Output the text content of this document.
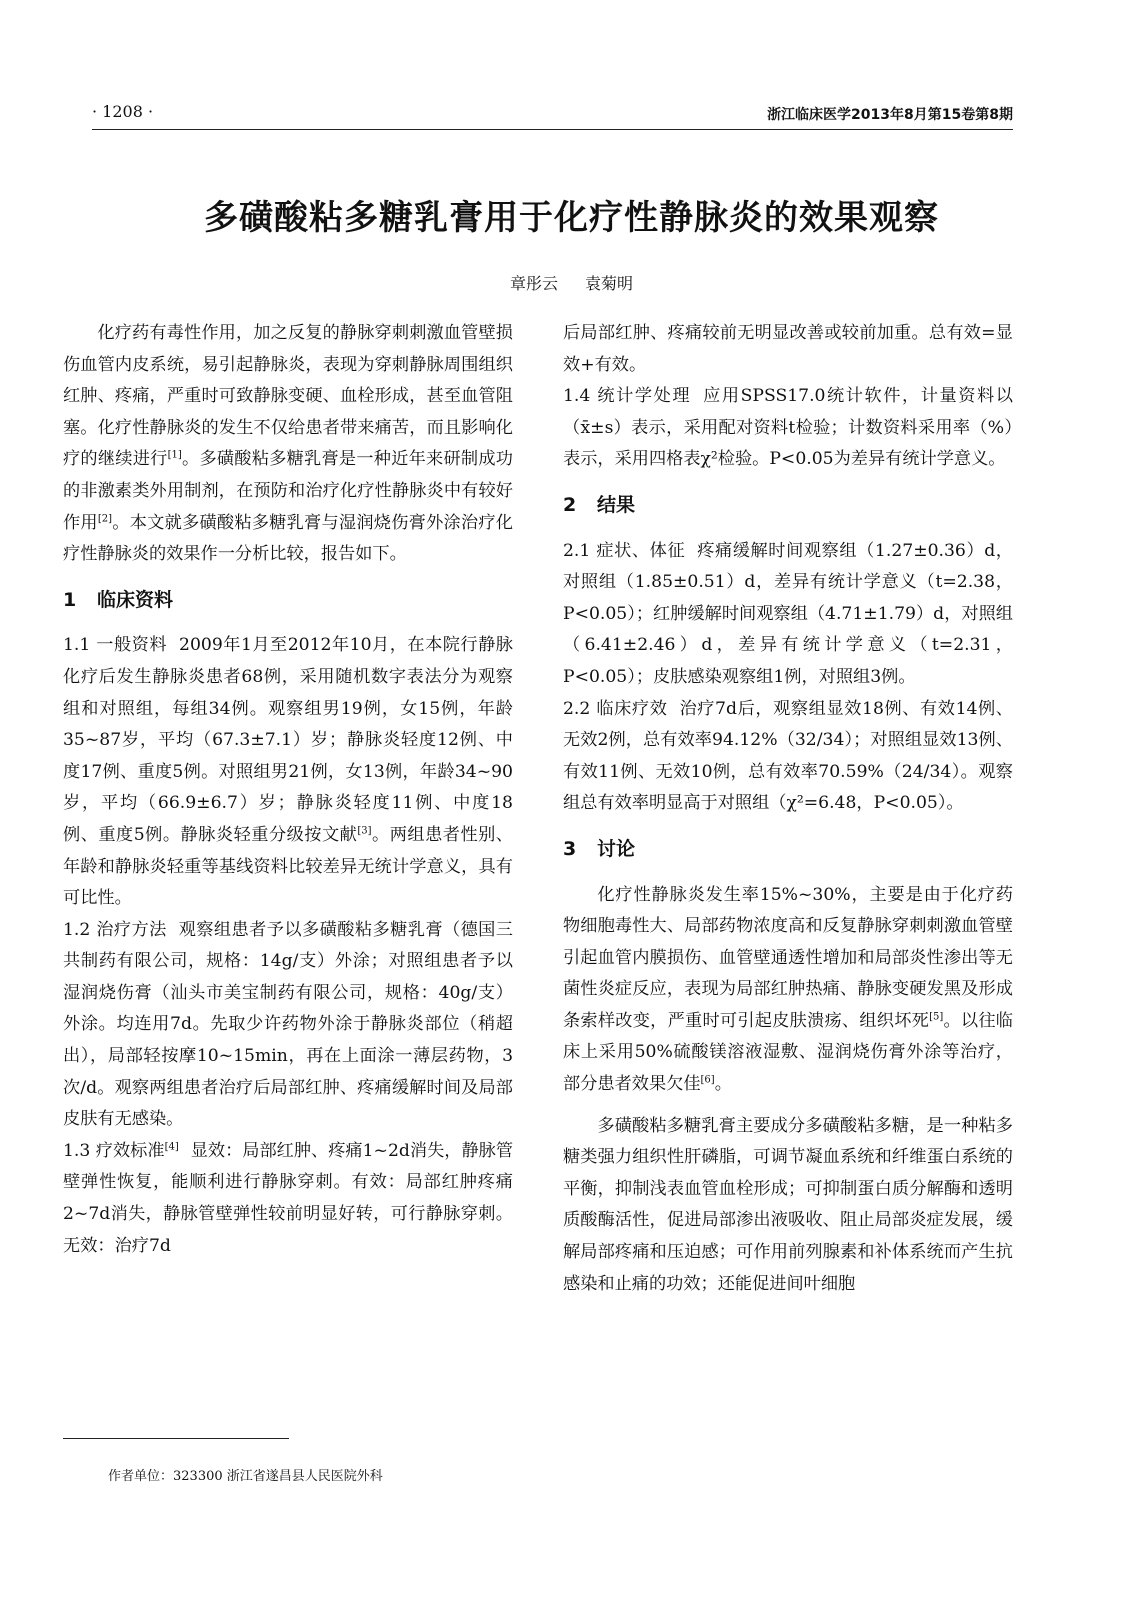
· 1208 ·	浙江临床医学2013年8月第15卷第8期
多磺酸粘多糖乳膏用于化疗性静脉炎的效果观察
章彤云 袁菊明

化疗药有毒性作用，加之反复的静脉穿刺刺激血管壁损伤血管内皮系统，易引起静脉炎，表现为穿刺静脉周围组织红肿、疼痛，严重时可致静脉变硬、血栓形成，甚至血管阻塞。化疗性静脉炎的发生不仅给患者带来痛苦，而且影响化疗的继续进行[1]。多磺酸粘多糖乳膏是一种近年来研制成功的非激素类外用制剂，在预防和治疗化疗性静脉炎中有较好作用[2]。本文就多磺酸粘多糖乳膏与湿润烧伤膏外涂治疗化疗性静脉炎的效果作一分析比较，报告如下。

1 临床资料

1.1 一般资料 2009年1月至2012年10月，在本院行静脉化疗后发生静脉炎患者68例，采用随机数字表法分为观察组和对照组，每组34例。观察组男19例，女15例，年龄35~87岁，平均（67.3±7.1）岁；静脉炎轻度12例、中度17例、重度5例。对照组男21例，女13例，年龄34~90岁，平均（66.9±6.7）岁；静脉炎轻度11例、中度18例、重度5例。静脉炎轻重分级按文献[3]。两组患者性别、年龄和静脉炎轻重等基线资料比较差异无统计学意义，具有可比性。

1.2 治疗方法 观察组患者予以多磺酸粘多糖乳膏（德国三共制药有限公司，规格：14g/支）外涂；对照组患者予以湿润烧伤膏（汕头市美宝制药有限公司，规格：40g/支）外涂。均连用7d。先取少许药物外涂于静脉炎部位（稍超出），局部轻按摩10~15min，再在上面涂一薄层药物，3次/d。观察两组患者治疗后局部红肿、疼痛缓解时间及局部皮肤有无感染。

1.3 疗效标准[4] 显效：局部红肿、疼痛1~2d消失，静脉管壁弹性恢复，能顺利进行静脉穿刺。有效：局部红肿疼痛2~7d消失，静脉管壁弹性较前明显好转，可行静脉穿刺。无效：治疗7d

后局部红肿、疼痛较前无明显改善或较前加重。总有效=显效+有效。

1.4 统计学处理 应用SPSS17.0统计软件，计量资料以（x̄±s）表示，采用配对资料t检验；计数资料采用率（%）表示，采用四格表χ²检验。P<0.05为差异有统计学意义。

2 结果

2.1 症状、体征 疼痛缓解时间观察组（1.27±0.36）d，对照组（1.85±0.51）d，差异有统计学意义（t=2.38，P<0.05）；红肿缓解时间观察组（4.71±1.79）d，对照组（6.41±2.46）d，差异有统计学意义（t=2.31，P<0.05）；皮肤感染观察组1例，对照组3例。

2.2 临床疗效 治疗7d后，观察组显效18例、有效14例、无效2例，总有效率94.12%（32/34）；对照组显效13例、有效11例、无效10例，总有效率70.59%（24/34）。观察组总有效率明显高于对照组（χ²=6.48，P<0.05）。

3 讨论

化疗性静脉炎发生率15%~30%，主要是由于化疗药物细胞毒性大、局部药物浓度高和反复静脉穿刺刺激血管壁引起血管内膜损伤、血管壁通透性增加和局部炎性渗出等无菌性炎症反应，表现为局部红肿热痛、静脉变硬发黑及形成条索样改变，严重时可引起皮肤溃疡、组织坏死[5]。以往临床上采用50%硫酸镁溶液湿敷、湿润烧伤膏外涂等治疗，部分患者效果欠佳[6]。

多磺酸粘多糖乳膏主要成分多磺酸粘多糖，是一种粘多糖类强力组织性肝磷脂，可调节凝血系统和纤维蛋白系统的平衡，抑制浅表血管血栓形成；可抑制蛋白质分解酶和透明质酸酶活性，促进局部渗出液吸收、阻止局部炎症发展，缓解局部疼痛和压迫感；可作用前列腺素和补体系统而产生抗感染和止痛的功效；还能促进间叶细胞

作者单位：323300 浙江省遂昌县人民医院外科
